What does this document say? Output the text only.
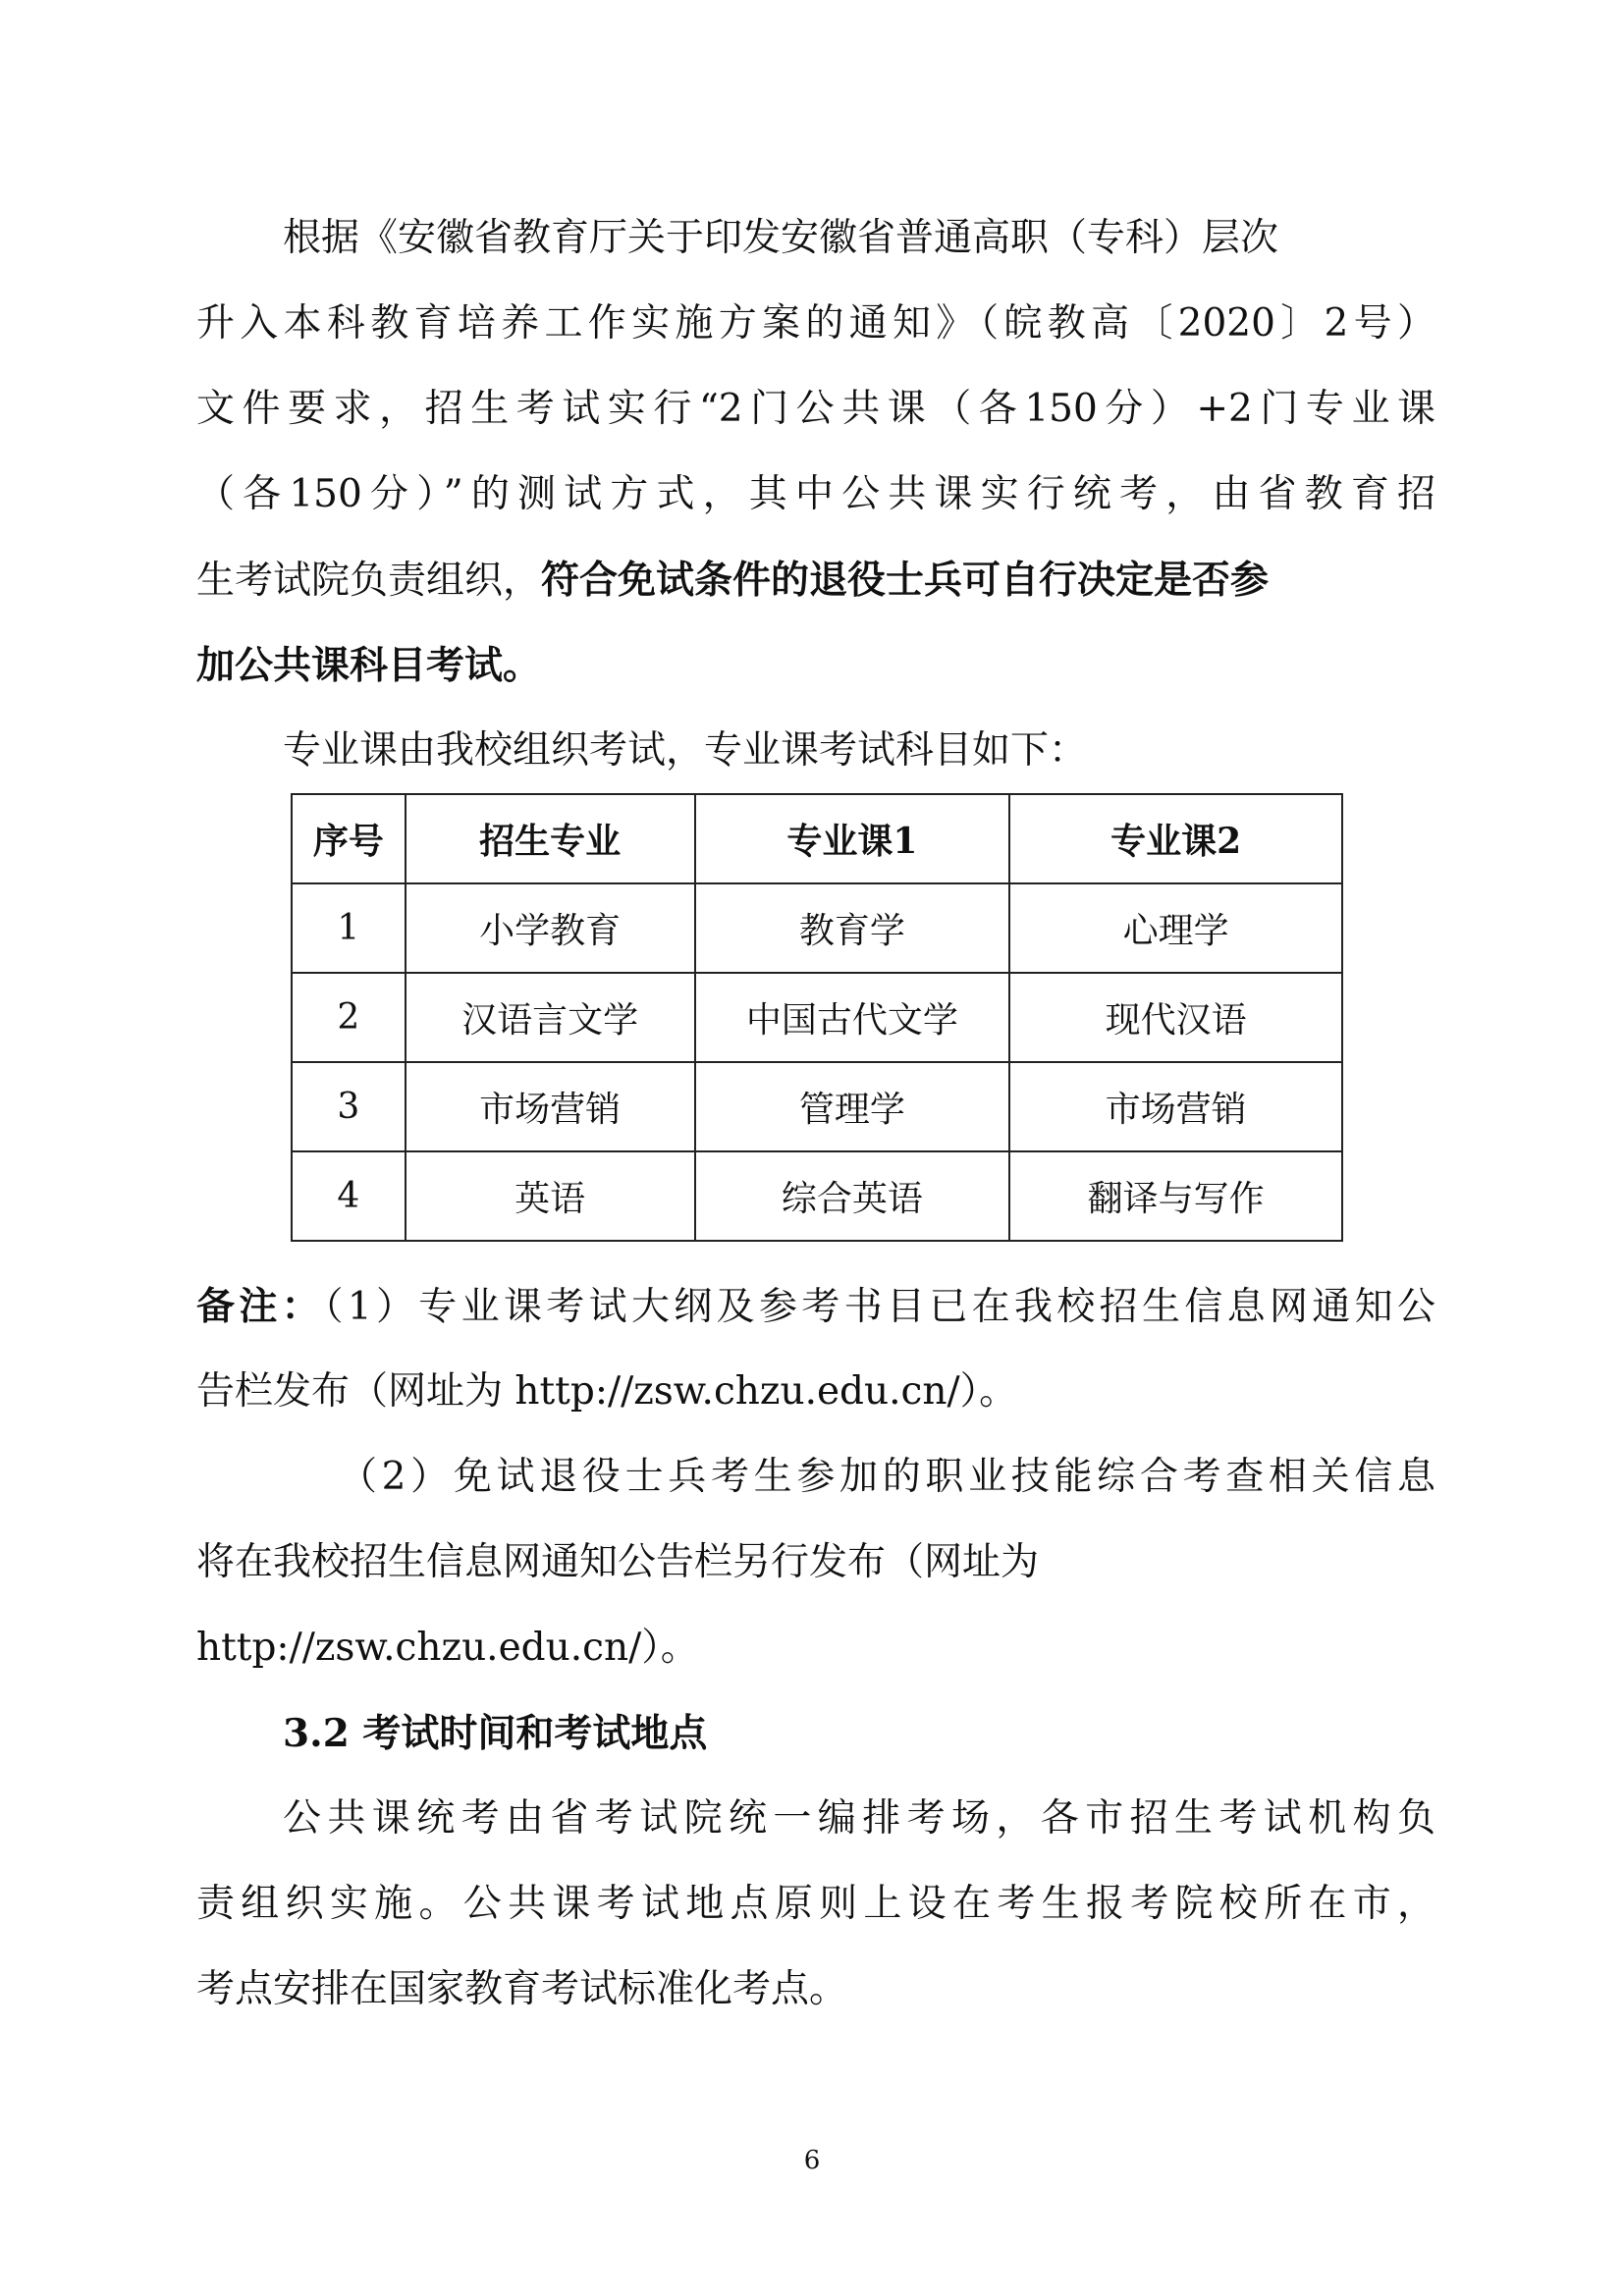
根据《安徽省教育厅关于印发安徽省普通高职（专科）层次
升入本科教育培养工作实施方案的通知》（皖教高〔2020〕2号）
文件要求，招生考试实行“2门公共课（各150分）+2门专业课
（各150分）”的测试方式，其中公共课实行统考，由省教育招
生考试院负责组织，符合免试条件的退役士兵可自行决定是否参
加公共课科目考试。
专业课由我校组织考试，专业课考试科目如下：
序号	招生专业	专业课1	专业课2
1	小学教育	教育学	心理学
2	汉语言文学	中国古代文学	现代汉语
3	市场营销	管理学	市场营销
4	英语	综合英语	翻译与写作
备注：（1）专业课考试大纲及参考书目已在我校招生信息网通知公
告栏发布（网址为 http://zsw.chzu.edu.cn/）。
（2）免试退役士兵考生参加的职业技能综合考查相关信息
将在我校招生信息网通知公告栏另行发布（网址为
http://zsw.chzu.edu.cn/）。
3.2 考试时间和考试地点
公共课统考由省考试院统一编排考场，各市招生考试机构负
责组织实施。公共课考试地点原则上设在考生报考院校所在市，
考点安排在国家教育考试标准化考点。
6
